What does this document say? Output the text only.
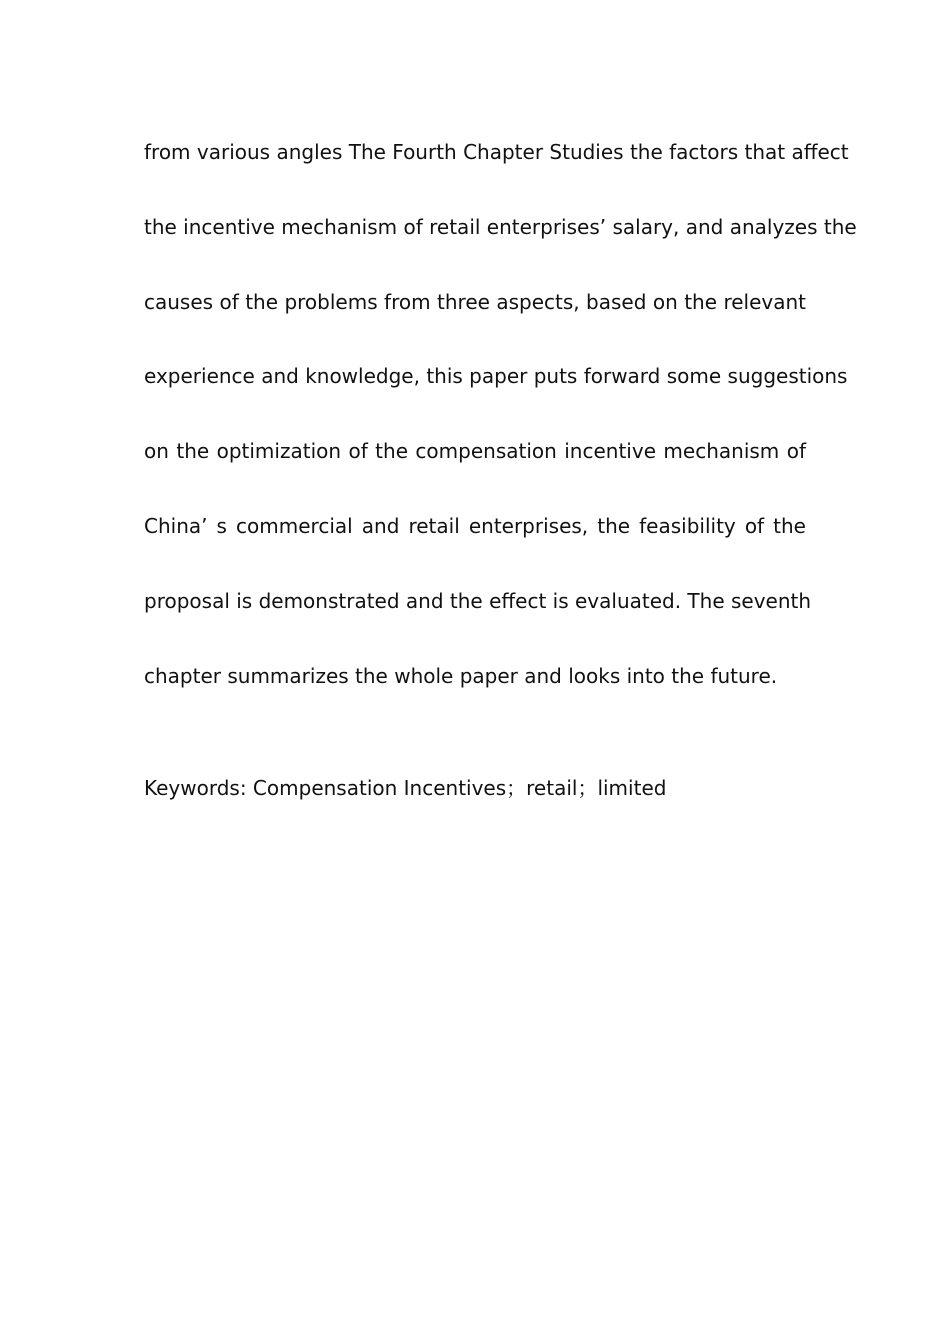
from various angles The Fourth Chapter Studies the factors that affect
the incentive mechanism of retail enterprises’ salary, and analyzes the
causes of the problems from three aspects, based on the relevant
experience and knowledge, this paper puts forward some suggestions
on the optimization of the compensation incentive mechanism of
China’ s commercial and retail enterprises, the feasibility of the
proposal is demonstrated and the effect is evaluated. The seventh
chapter summarizes the whole paper and looks into the future.

Keywords: Compensation Incentives；retail；limited
